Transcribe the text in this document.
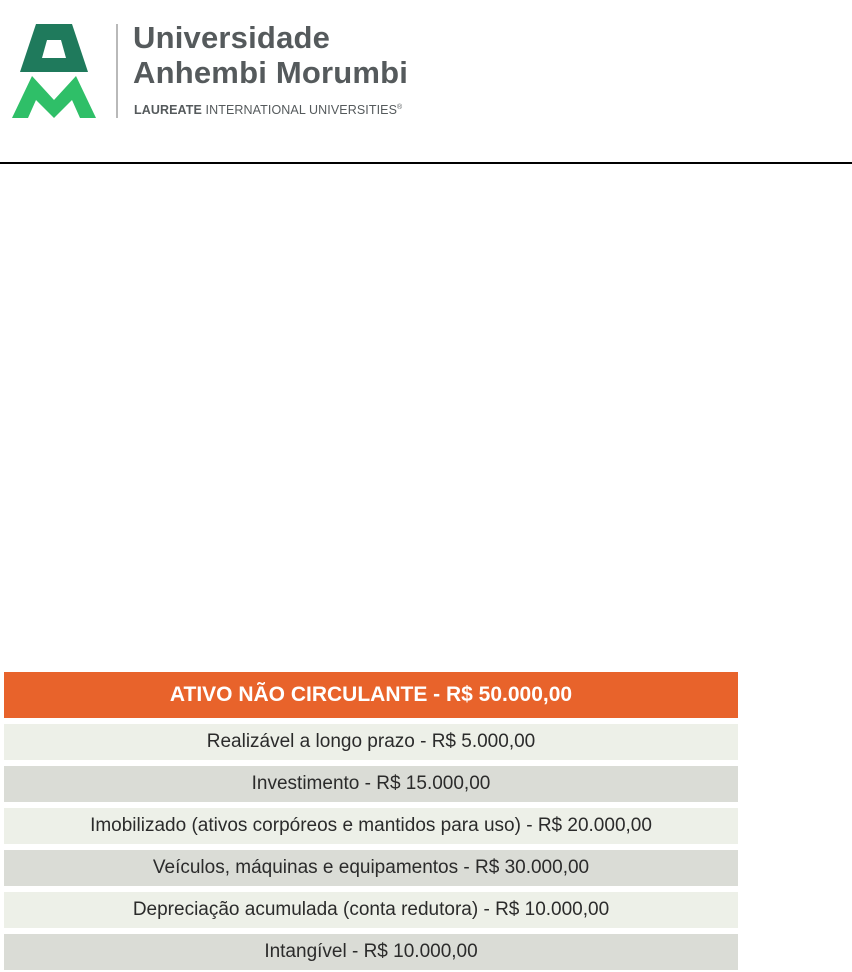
Universidade
Anhembi Morumbi
LAUREATE INTERNATIONAL UNIVERSITIES®
ATIVO NÃO CIRCULANTE - R$ 50.000,00
Realizável a longo prazo - R$ 5.000,00
Investimento - R$ 15.000,00
Imobilizado (ativos corpóreos e mantidos para uso) - R$ 20.000,00
Veículos, máquinas e equipamentos - R$ 30.000,00
Depreciação acumulada (conta redutora) - R$ 10.000,00
Intangível - R$ 10.000,00
